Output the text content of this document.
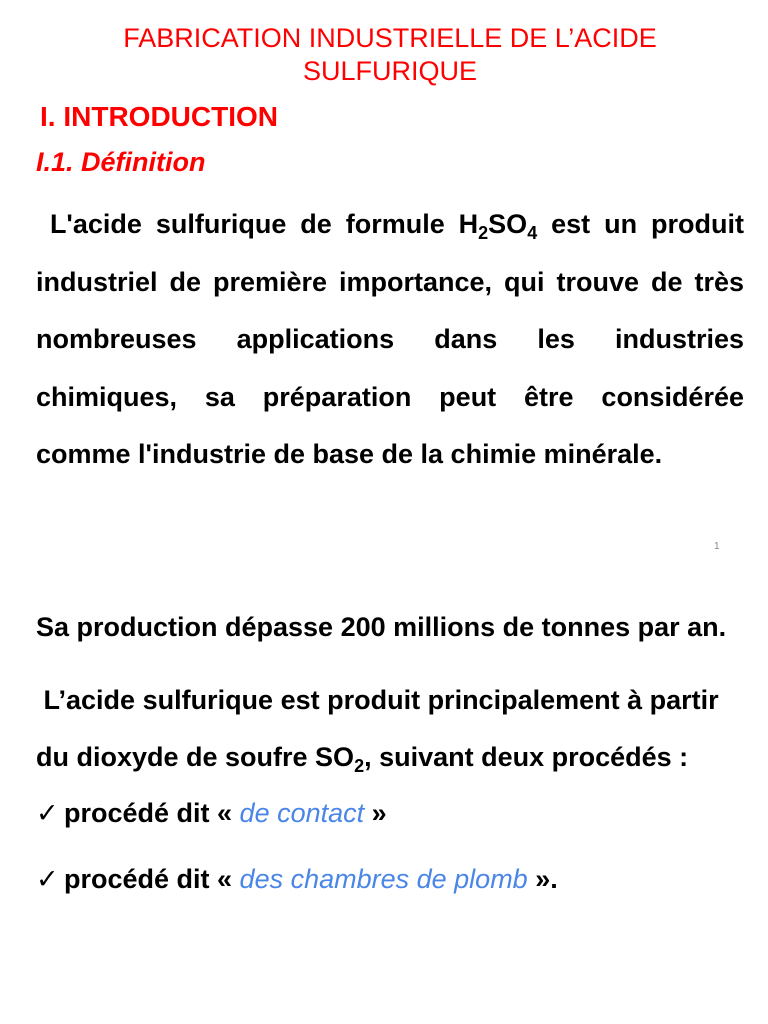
FABRICATION INDUSTRIELLE DE L’ACIDE SULFURIQUE
I. INTRODUCTION
I.1. Définition

L'acide sulfurique de formule $H_2SO_4$ est un produit industriel de première importance, qui trouve de très nombreuses applications dans les industries chimiques, sa préparation peut être considérée comme l'industrie de base de la chimie minérale.

1

Sa production dépasse 200 millions de tonnes par an.

L’acide sulfurique est produit principalement à partir du dioxyde de soufre $SO_2$, suivant deux procédés :

✓ procédé dit « de contact »

✓ procédé dit « des chambres de plomb ».
